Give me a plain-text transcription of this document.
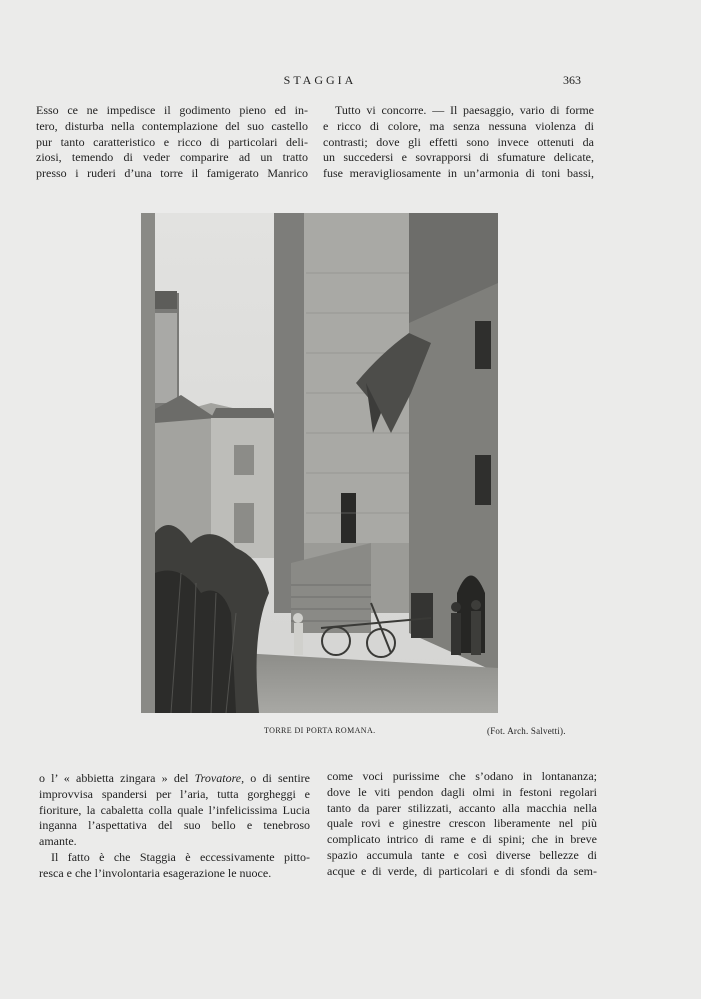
STAGGIA	363
Esso ce ne impedisce il godimento pieno ed in-
tero, disturba nella contemplazione del suo castello
pur tanto caratteristico e ricco di particolari deli-
ziosi, temendo di veder comparire ad un tratto
presso i ruderi d’una torre il famigerato Manrico
Tutto vi concorre. — Il paesaggio, vario di forme
e ricco di colore, ma senza nessuna violenza di
contrasti; dove gli effetti sono invece ottenuti da
un succedersi e sovrapporsi di sfumature delicate,
fuse meravigliosamente in un’armonia di toni bassi,
TORRE DI PORTA ROMANA.	(Fot. Arch. Salvetti).
o l’ « abbietta zingara » del Trovatore, o di sentire
improvvisa spandersi per l’aria, tutta gorgheggi e
fioriture, la cabaletta colla quale l’infelicissima Lucia
inganna l’aspettativa del suo bello e tenebroso
amante.
Il fatto è che Staggia è eccessivamente pitto-
resca e che l’involontaria esagerazione le nuoce.
come voci purissime che s’odano in lontananza;
dove le viti pendon dagli olmi in festoni regolari
tanto da parer stilizzati, accanto alla macchia nella
quale rovi e ginestre crescon liberamente nel più
complicato intrico di rame e di spini; che in breve
spazio accumula tante e così diverse bellezze di
acque e di verde, di particolari e di sfondi da sem-
